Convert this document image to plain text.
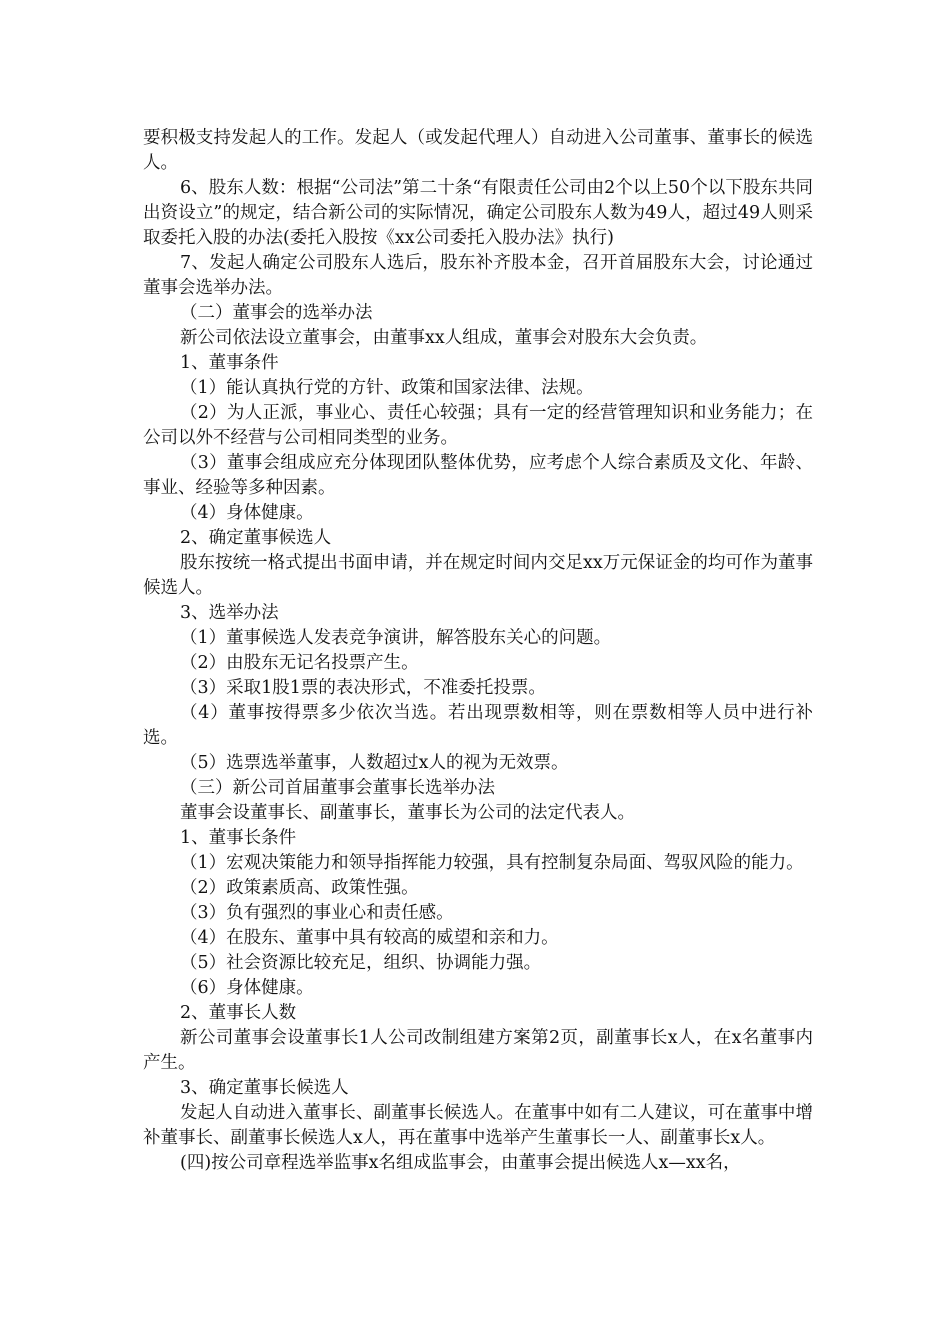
要积极支持发起人的工作。发起人（或发起代理人）自动进入公司董事、董事长的候选人。

6、股东人数：根据“公司法”第二十条“有限责任公司由2个以上50个以下股东共同出资设立”的规定，结合新公司的实际情况，确定公司股东人数为49人，超过49人则采取委托入股的办法(委托入股按《xx公司委托入股办法》执行)

7、发起人确定公司股东人选后，股东补齐股本金，召开首届股东大会，讨论通过董事会选举办法。

（二）董事会的选举办法

新公司依法设立董事会，由董事xx人组成，董事会对股东大会负责。

1、董事条件

（1）能认真执行党的方针、政策和国家法律、法规。

（2）为人正派，事业心、责任心较强；具有一定的经营管理知识和业务能力；在公司以外不经营与公司相同类型的业务。

（3）董事会组成应充分体现团队整体优势，应考虑个人综合素质及文化、年龄、事业、经验等多种因素。

（4）身体健康。

2、确定董事候选人

股东按统一格式提出书面申请，并在规定时间内交足xx万元保证金的均可作为董事候选人。

3、选举办法

（1）董事候选人发表竞争演讲，解答股东关心的问题。

（2）由股东无记名投票产生。

（3）采取1股1票的表决形式，不准委托投票。

（4）董事按得票多少依次当选。若出现票数相等，则在票数相等人员中进行补选。

（5）选票选举董事，人数超过x人的视为无效票。

（三）新公司首届董事会董事长选举办法

董事会设董事长、副董事长，董事长为公司的法定代表人。

1、董事长条件

（1）宏观决策能力和领导指挥能力较强，具有控制复杂局面、驾驭风险的能力。

（2）政策素质高、政策性强。

（3）负有强烈的事业心和责任感。

（4）在股东、董事中具有较高的威望和亲和力。

（5）社会资源比较充足，组织、协调能力强。

（6）身体健康。

2、董事长人数

新公司董事会设董事长1人公司改制组建方案第2页，副董事长x人，在x名董事内产生。

3、确定董事长候选人

发起人自动进入董事长、副董事长候选人。在董事中如有二人建议，可在董事中增补董事长、副董事长候选人x人，再在董事中选举产生董事长一人、副董事长x人。

(四)按公司章程选举监事x名组成监事会，由董事会提出候选人x—xx名，
